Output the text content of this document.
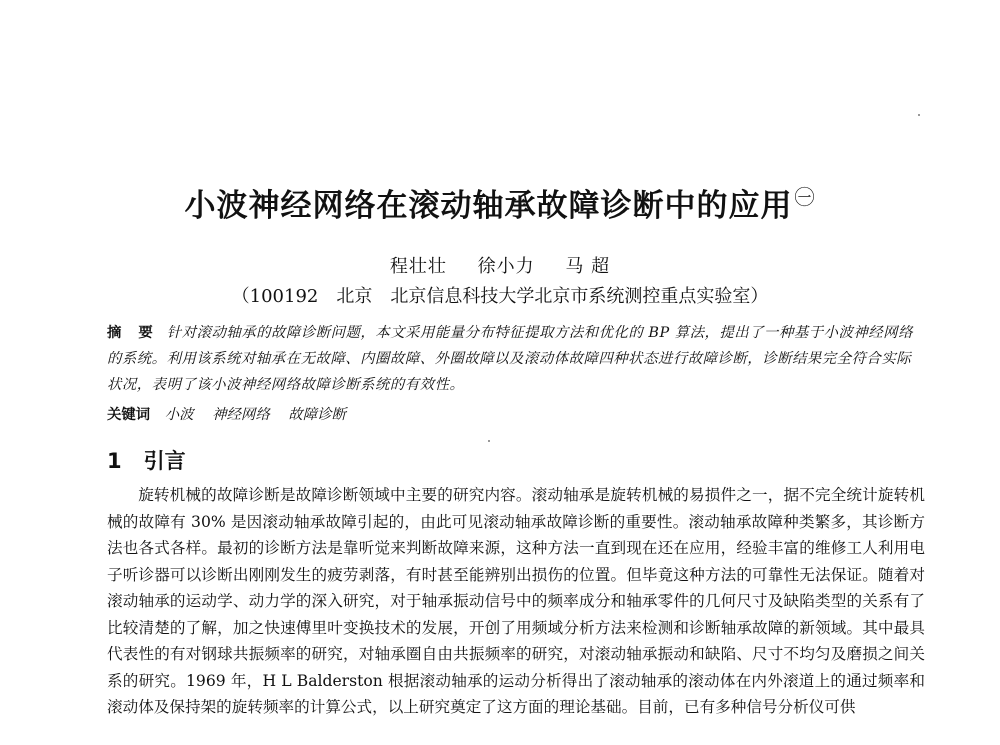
小波神经网络在滚动轴承故障诊断中的应用 $^㊀$
程壮壮 徐小力 马 超
（100192　北京　北京信息科技大学北京市系统测控重点实验室）
摘 要 针对滚动轴承的故障诊断问题，本文采用能量分布特征提取方法和优化的 BP 算法，提出了一种基于小波神经网络的系统。利用该系统对轴承在无故障、内圈故障、外圈故障以及滚动体故障四种状态进行故障诊断，诊断结果完全符合实际状况，表明了该小波神经网络故障诊断系统的有效性。
关键词 小波 神经网络 故障诊断
1 引言
旋转机械的故障诊断是故障诊断领域中主要的研究内容。滚动轴承是旋转机械的易损件之一，据不完全统计旋转机械的故障有 30% 是因滚动轴承故障引起的，由此可见滚动轴承故障诊断的重要性。滚动轴承故障种类繁多，其诊断方法也各式各样。最初的诊断方法是靠听觉来判断故障来源，这种方法一直到现在还在应用，经验丰富的维修工人利用电子听诊器可以诊断出刚刚发生的疲劳剥落，有时甚至能辨别出损伤的位置。但毕竟这种方法的可靠性无法保证。随着对滚动轴承的运动学、动力学的深入研究，对于轴承振动信号中的频率成分和轴承零件的几何尺寸及缺陷类型的关系有了比较清楚的了解，加之快速傅里叶变换技术的发展，开创了用频域分析方法来检测和诊断轴承故障的新领域。其中最具代表性的有对钢球共振频率的研究，对轴承圈自由共振频率的研究，对滚动轴承振动和缺陷、尺寸不均匀及磨损之间关系的研究。1969 年，H L Balderston 根据滚动轴承的运动分析得出了滚动轴承的滚动体在内外滚道上的通过频率和滚动体及保持架的旋转频率的计算公式，以上研究奠定了这方面的理论基础。目前，已有多种信号分析仪可供
